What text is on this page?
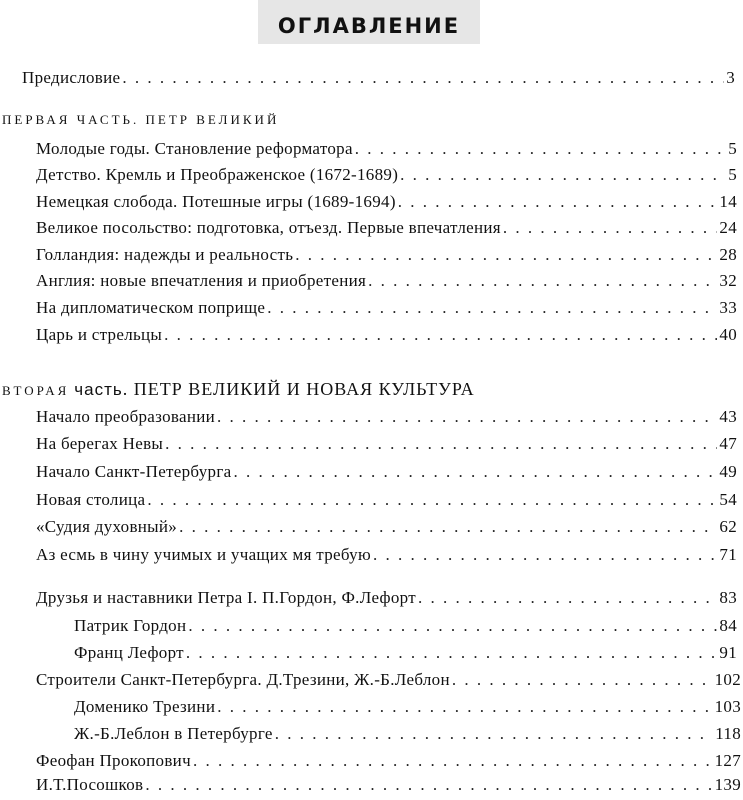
ОГЛАВЛЕНИЕ
Предисловие . . .	3
ПЕРВАЯ ЧАСТЬ. ПЕТР ВЕЛИКИЙ
Молодые годы. Становление реформатора . . .	5
Детство. Кремль и Преображенское (1672-1689) . . .	5
Немецкая слобода. Потешные игры (1689-1694) . . .	14
Великое посольство: подготовка, отъезд. Первые впечатления . . .	24
Голландия: надежды и реальность . . .	28
Англия: новые впечатления и приобретения . . .	32
На дипломатическом поприще . . .	33
Царь и стрельцы . . .	40
ВТОРАЯ часть. ПЕТР ВЕЛИКИЙ И НОВАЯ КУЛЬТУРА
Начало преобразовании . . .	43
На берегах Невы . . .	47
Начало Санкт-Петербурга . . .	49
Новая столица . . .	54
«Судия духовный» . . .	62
Аз есмь в чину учимых и учащих мя требую . . .	71
Друзья и наставники Петра I. П.Гордон, Ф.Лефорт . . .	83
Патрик Гордон . . .	84
Франц Лефорт . . .	91
Строители Санкт-Петербурга. Д.Трезини, Ж.-Б.Леблон . . .	102
Доменико Трезини . . .	103
Ж.-Б.Леблон в Петербурге . . .	118
Феофан Прокопович . . .	127
И.Т.Посошков . . .	139
